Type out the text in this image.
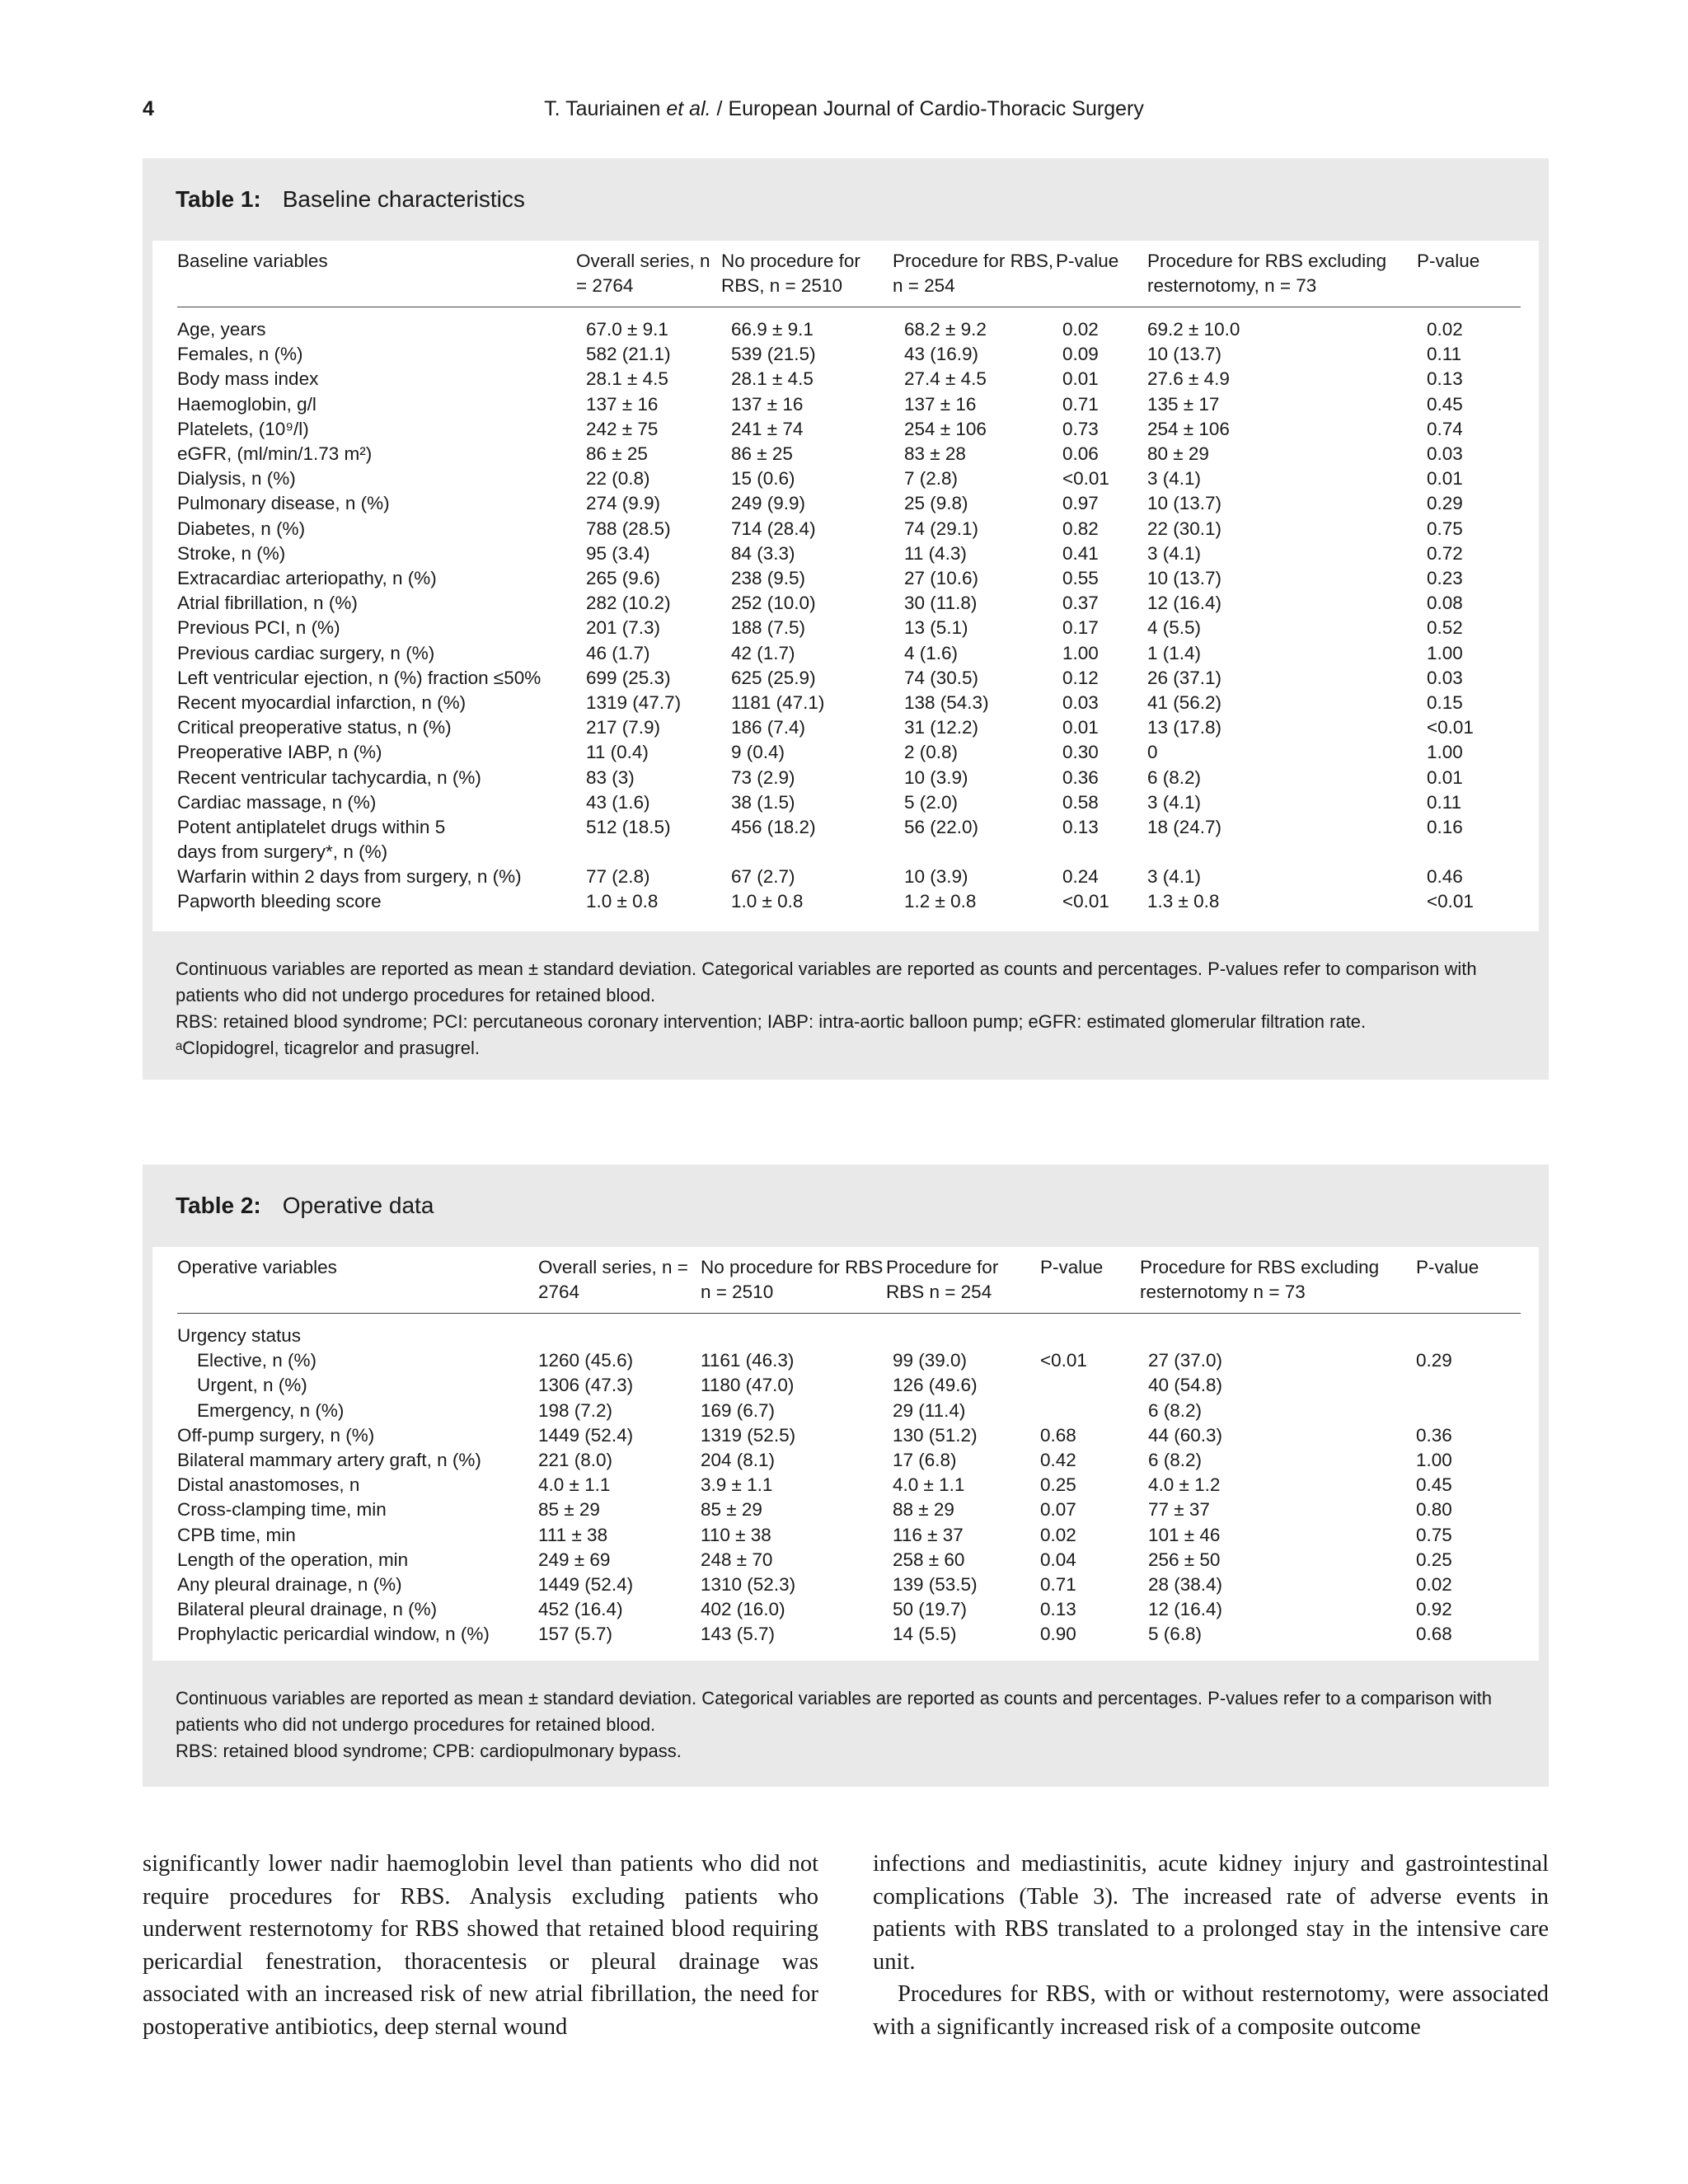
4	T. Tauriainen et al. / European Journal of Cardio-Thoracic Surgery
Table 1: Baseline characteristics
Baseline variables	Overall series, n = 2764	No procedure for RBS, n = 2510	Procedure for RBS, n = 254	P-value	Procedure for RBS excluding resternotomy, n = 73	P-value
Age, years	67.0 ± 9.1	66.9 ± 9.1	68.2 ± 9.2	0.02	69.2 ± 10.0	0.02
Females, n (%)	582 (21.1)	539 (21.5)	43 (16.9)	0.09	10 (13.7)	0.11
Body mass index	28.1 ± 4.5	28.1 ± 4.5	27.4 ± 4.5	0.01	27.6 ± 4.9	0.13
Haemoglobin, g/l	137 ± 16	137 ± 16	137 ± 16	0.71	135 ± 17	0.45
Platelets, (10⁹/l)	242 ± 75	241 ± 74	254 ± 106	0.73	254 ± 106	0.74
eGFR, (ml/min/1.73 m²)	86 ± 25	86 ± 25	83 ± 28	0.06	80 ± 29	0.03
Dialysis, n (%)	22 (0.8)	15 (0.6)	7 (2.8)	<0.01	3 (4.1)	0.01
Pulmonary disease, n (%)	274 (9.9)	249 (9.9)	25 (9.8)	0.97	10 (13.7)	0.29
Diabetes, n (%)	788 (28.5)	714 (28.4)	74 (29.1)	0.82	22 (30.1)	0.75
Stroke, n (%)	95 (3.4)	84 (3.3)	11 (4.3)	0.41	3 (4.1)	0.72
Extracardiac arteriopathy, n (%)	265 (9.6)	238 (9.5)	27 (10.6)	0.55	10 (13.7)	0.23
Atrial fibrillation, n (%)	282 (10.2)	252 (10.0)	30 (11.8)	0.37	12 (16.4)	0.08
Previous PCI, n (%)	201 (7.3)	188 (7.5)	13 (5.1)	0.17	4 (5.5)	0.52
Previous cardiac surgery, n (%)	46 (1.7)	42 (1.7)	4 (1.6)	1.00	1 (1.4)	1.00
Left ventricular ejection, n (%) fraction ≤50%	699 (25.3)	625 (25.9)	74 (30.5)	0.12	26 (37.1)	0.03
Recent myocardial infarction, n (%)	1319 (47.7)	1181 (47.1)	138 (54.3)	0.03	41 (56.2)	0.15
Critical preoperative status, n (%)	217 (7.9)	186 (7.4)	31 (12.2)	0.01	13 (17.8)	<0.01
Preoperative IABP, n (%)	11 (0.4)	9 (0.4)	2 (0.8)	0.30	0	1.00
Recent ventricular tachycardia, n (%)	83 (3)	73 (2.9)	10 (3.9)	0.36	6 (8.2)	0.01
Cardiac massage, n (%)	43 (1.6)	38 (1.5)	5 (2.0)	0.58	3 (4.1)	0.11
Potent antiplatelet drugs within 5 days from surgery*, n (%)	512 (18.5)	456 (18.2)	56 (22.0)	0.13	18 (24.7)	0.16
Warfarin within 2 days from surgery, n (%)	77 (2.8)	67 (2.7)	10 (3.9)	0.24	3 (4.1)	0.46
Papworth bleeding score	1.0 ± 0.8	1.0 ± 0.8	1.2 ± 0.8	<0.01	1.3 ± 0.8	<0.01

Continuous variables are reported as mean ± standard deviation. Categorical variables are reported as counts and percentages. P-values refer to comparison with patients who did not undergo procedures for retained blood.

RBS: retained blood syndrome; PCI: percutaneous coronary intervention; IABP: intra-aortic balloon pump; eGFR: estimated glomerular filtration rate.

ᵃClopidogrel, ticagrelor and prasugrel.

Table 2: Operative data
Operative variables	Overall series, n = 2764	No procedure for RBS n = 2510	Procedure for RBS n = 254	P-value	Procedure for RBS excluding resternotomy n = 73	P-value
Urgency status						
Elective, n (%)	1260 (45.6)	1161 (46.3)	99 (39.0)	<0.01	27 (37.0)	0.29
Urgent, n (%)	1306 (47.3)	1180 (47.0)	126 (49.6)		40 (54.8)	
Emergency, n (%)	198 (7.2)	169 (6.7)	29 (11.4)		6 (8.2)	
Off-pump surgery, n (%)	1449 (52.4)	1319 (52.5)	130 (51.2)	0.68	44 (60.3)	0.36
Bilateral mammary artery graft, n (%)	221 (8.0)	204 (8.1)	17 (6.8)	0.42	6 (8.2)	1.00
Distal anastomoses, n	4.0 ± 1.1	3.9 ± 1.1	4.0 ± 1.1	0.25	4.0 ± 1.2	0.45
Cross-clamping time, min	85 ± 29	85 ± 29	88 ± 29	0.07	77 ± 37	0.80
CPB time, min	111 ± 38	110 ± 38	116 ± 37	0.02	101 ± 46	0.75
Length of the operation, min	249 ± 69	248 ± 70	258 ± 60	0.04	256 ± 50	0.25
Any pleural drainage, n (%)	1449 (52.4)	1310 (52.3)	139 (53.5)	0.71	28 (38.4)	0.02
Bilateral pleural drainage, n (%)	452 (16.4)	402 (16.0)	50 (19.7)	0.13	12 (16.4)	0.92
Prophylactic pericardial window, n (%)	157 (5.7)	143 (5.7)	14 (5.5)	0.90	5 (6.8)	0.68

Continuous variables are reported as mean ± standard deviation. Categorical variables are reported as counts and percentages. P-values refer to a comparison with patients who did not undergo procedures for retained blood.

RBS: retained blood syndrome; CPB: cardiopulmonary bypass.

significantly lower nadir haemoglobin level than patients who did not require procedures for RBS. Analysis excluding patients who underwent resternotomy for RBS showed that retained blood requiring pericardial fenestration, thoracentesis or pleural drainage was associated with an increased risk of new atrial fibrillation, the need for postoperative antibiotics, deep sternal wound

infections and mediastinitis, acute kidney injury and gastrointestinal complications (Table 3). The increased rate of adverse events in patients with RBS translated to a prolonged stay in the intensive care unit.

Procedures for RBS, with or without resternotomy, were associated with a significantly increased risk of a composite outcome
